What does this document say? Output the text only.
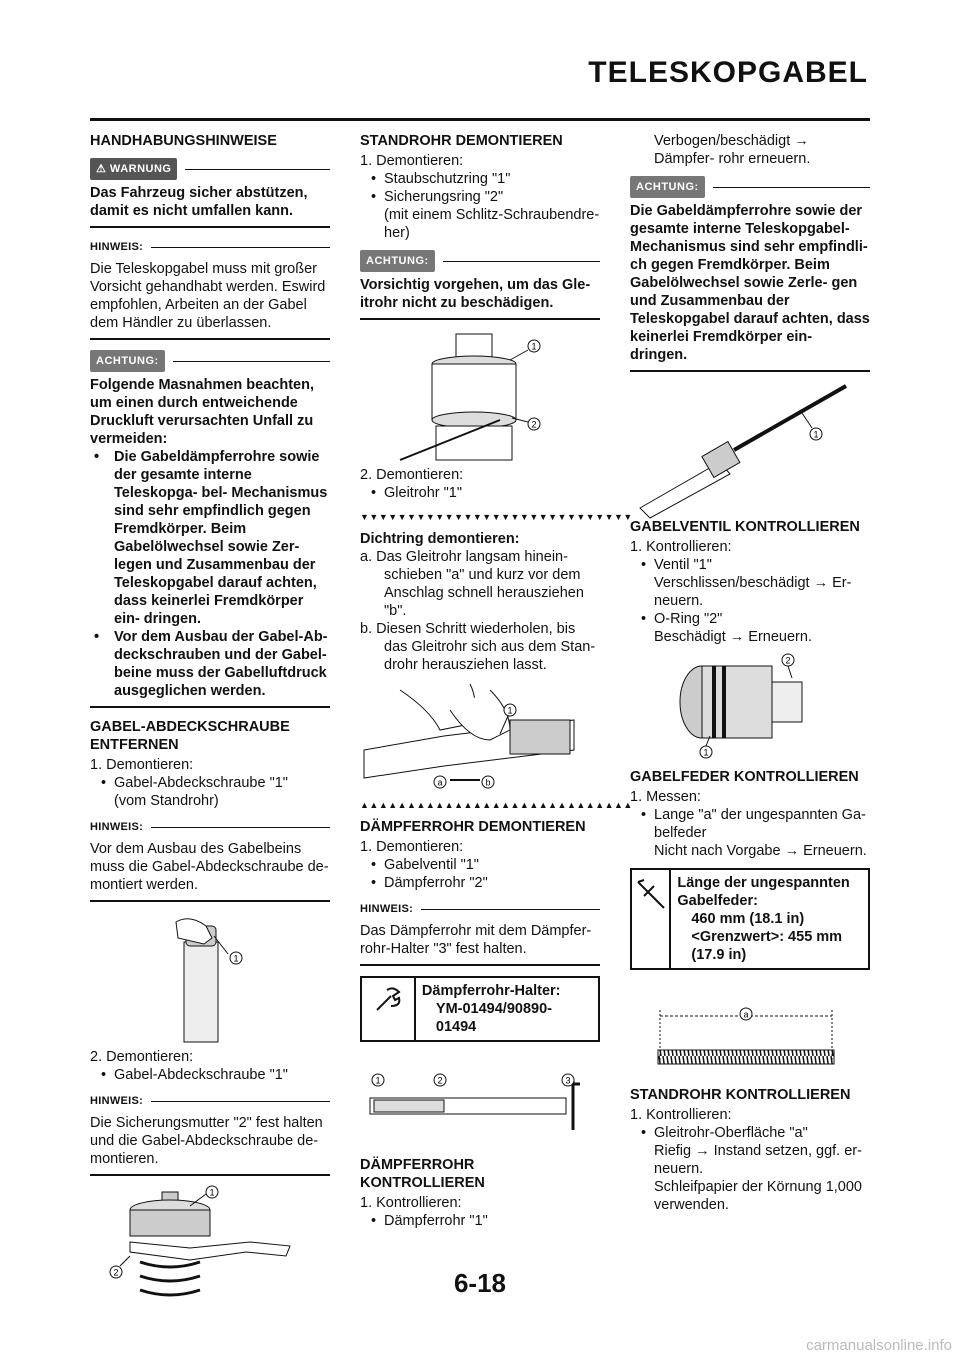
TELESKOPGABEL

HANDHABUNGSHINWEISE

⚠ WARNUNG

Das Fahrzeug sicher abstützen, damit es nicht umfallen kann.

HINWEIS:

Die Teleskopgabel muss mit großer Vorsicht gehandhabt werden. Eswird empfohlen, Arbeiten an der Gabel dem Händler zu überlassen.

ACHTUNG:

Folgende Masnahmen beachten, um einen durch entweichende Druckluft verursachten Unfall zu vermeiden:

• Die Gabeldämpferrohre sowie der gesamte interne Teleskopga- bel- Mechanismus sind sehr empfindlich gegen Fremdkörper. Beim Gabelölwechsel sowie Zer- legen und Zusammenbau der Teleskopgabel darauf achten, dass keinerlei Fremdkörper ein- dringen.

• Vor dem Ausbau der Gabel-Ab- deckschrauben und der Gabel- beine muss der Gabelluftdruck ausgeglichen werden.

GABEL-ABDECKSCHRAUBE ENTFERNEN

1. Demontieren:

• Gabel-Abdeckschraube "1"

(vom Standrohr)

HINWEIS:

Vor dem Ausbau des Gabelbeins muss die Gabel-Abdeckschraube de- montiert werden.

1

2. Demontieren:

• Gabel-Abdeckschraube "1"

HINWEIS:

Die Sicherungsmutter "2" fest halten und die Gabel-Abdeckschraube de- montieren.

1
2

STANDROHR DEMONTIEREN

1. Demontieren:

• Staubschutzring "1"

• Sicherungsring "2"

(mit einem Schlitz-Schraubendre- her)

ACHTUNG:

Vorsichtig vorgehen, um das Gle- itrohr nicht zu beschädigen.

1
2

2. Demontieren:

• Gleitrohr "1"

▼▼▼▼▼▼▼▼▼▼▼▼▼▼▼▼▼▼▼▼▼▼▼▼▼▼▼▼▼

Dichtring demontieren:

a. Das Gleitrohr langsam hinein- schieben "a" und kurz vor dem Anschlag schnell herausziehen "b".

b. Diesen Schritt wiederholen, bis das Gleitrohr sich aus dem Stan- drohr herausziehen lasst.

1
a	b
▲▲▲▲▲▲▲▲▲▲▲▲▲▲▲▲▲▲▲▲▲▲▲▲▲▲▲▲▲

DÄMPFERROHR DEMONTIEREN

1. Demontieren:

• Gabelventil "1"

• Dämpferrohr "2"

HINWEIS:

Das Dämpferrohr mit dem Dämpfer- rohr-Halter "3" fest halten.

Dämpferrohr-Halter:
YM-01494/90890-01494
1	2	3

DÄMPFERROHR KONTROLLIEREN

1. Kontrollieren:

• Dämpferrohr "1"

Verbogen/beschädigt → Dämpfer- rohr erneuern.

ACHTUNG:

Die Gabeldämpferrohre sowie der gesamte interne Teleskopgabel- Mechanismus sind sehr empfindli- ch gegen Fremdkörper. Beim Gabelölwechsel sowie Zerle- gen und Zusammenbau der Teleskopgabel darauf achten, dass keinerlei Fremdkörper ein- dringen.

1

GABELVENTIL KONTROLLIEREN

1. Kontrollieren:

• Ventil "1"

Verschlissen/beschädigt → Er- neuern.

• O-Ring "2"

Beschädigt → Erneuern.

2
1

GABELFEDER KONTROLLIEREN

1. Messen:

• Lange "a" der ungespannten Ga- belfeder

Nicht nach Vorgabe → Erneuern.

Länge der ungespannten Gabelfeder:
460 mm (18.1 in)
<Grenzwert>: 455 mm (17.9 in)
a

STANDROHR KONTROLLIEREN

1. Kontrollieren:

• Gleitrohr-Oberfläche "a"

Riefig → Instand setzen, ggf. er- neuern.

Schleifpapier der Körnung 1,000 verwenden.

6-18
carmanualsonline.info
